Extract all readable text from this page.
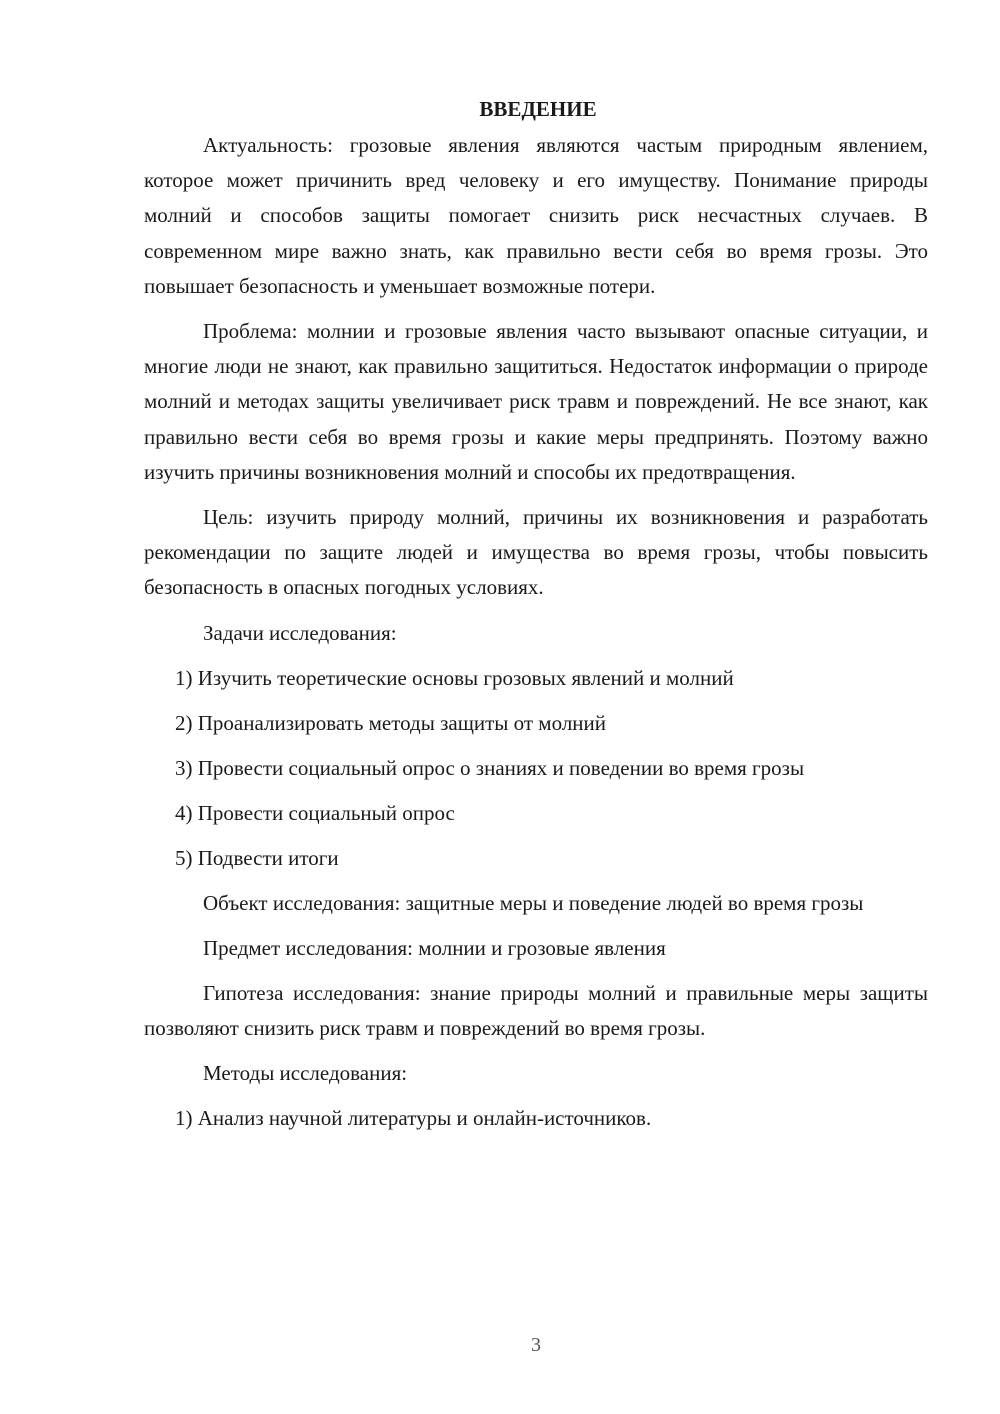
ВВЕДЕНИЕ

Актуальность: грозовые явления являются частым природным явлением, которое может причинить вред человеку и его имуществу. Понимание природы молний и способов защиты помогает снизить риск несчастных случаев. В современном мире важно знать, как правильно вести себя во время грозы. Это повышает безопасность и уменьшает возможные потери.

Проблема: молнии и грозовые явления часто вызывают опасные ситуации, и многие люди не знают, как правильно защититься. Недостаток информации о природе молний и методах защиты увеличивает риск травм и повреждений. Не все знают, как правильно вести себя во время грозы и какие меры предпринять. Поэтому важно изучить причины возникновения молний и способы их предотвращения.

Цель: изучить природу молний, причины их возникновения и разработать рекомендации по защите людей и имущества во время грозы, чтобы повысить безопасность в опасных погодных условиях.

Задачи исследования:
1) Изучить теоретические основы грозовых явлений и молний
2) Проанализировать методы защиты от молний
3) Провести социальный опрос о знаниях и поведении во время грозы
4) Провести социальный опрос
5) Подвести итоги

Объект исследования: защитные меры и поведение людей во время грозы

Предмет исследования: молнии и грозовые явления

Гипотеза исследования: знание природы молний и правильные меры защиты позволяют снизить риск травм и повреждений во время грозы.

Методы исследования:
1) Анализ научной литературы и онлайн-источников.
3
